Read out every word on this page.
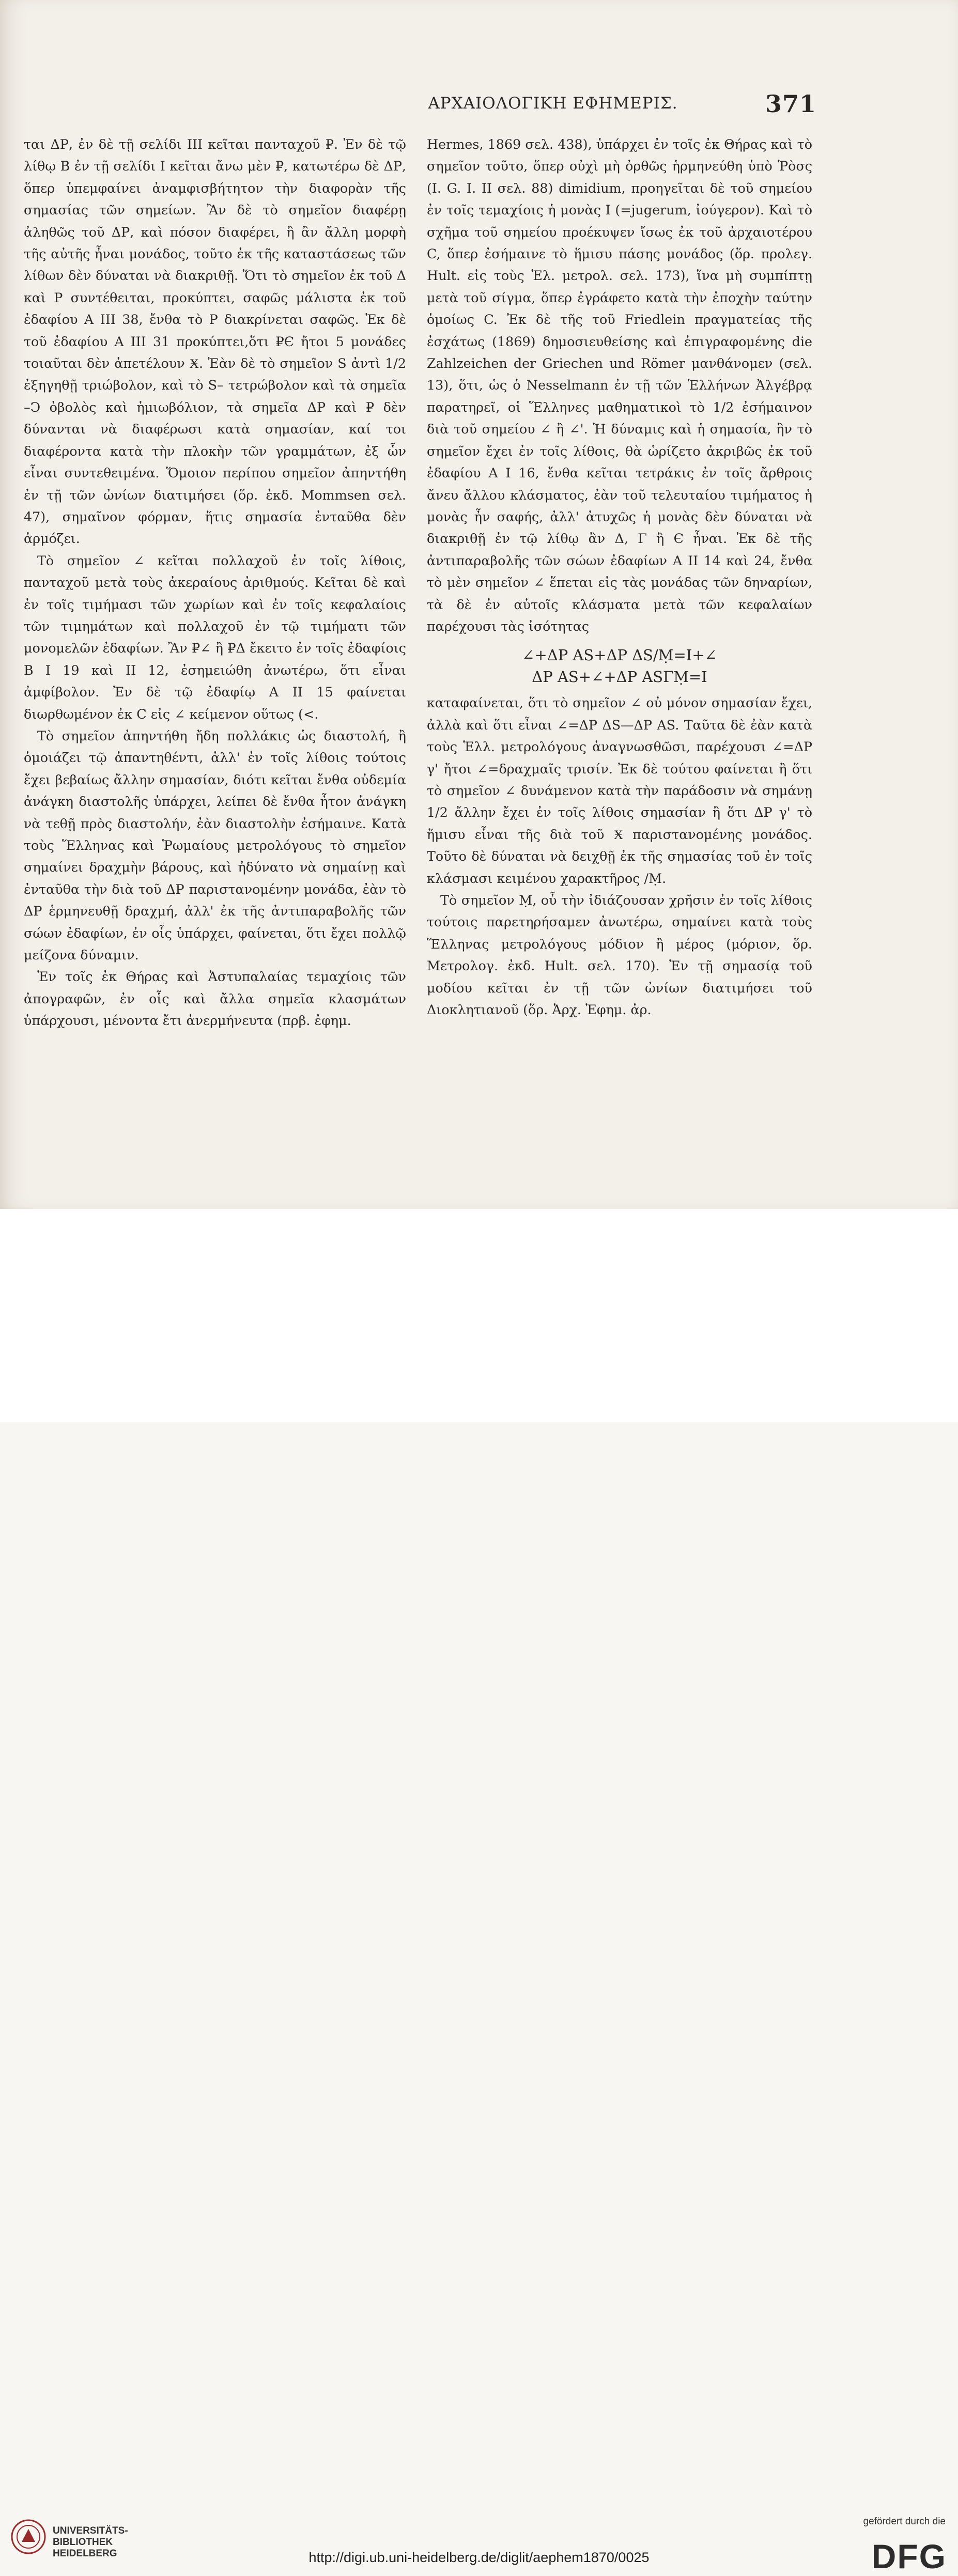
ΑΡΧΑΙΟΛΟΓΙΚΗ ΕΦΗΜΕΡΙΣ.	371

ται ΔΡ, ἐν δὲ τῇ σελίδι III κεῖται πανταχοῦ ₽. Ἐν δὲ τῷ λίθῳ B ἐν τῇ σελίδι I κεῖται ἄνω μὲν ₽, κατωτέρω δὲ ΔΡ, ὅπερ ὑπεμφαίνει ἀναμφισβήτητον τὴν διαφορὰν τῆς σημασίας τῶν σημείων. Ἂν δὲ τὸ σημεῖον διαφέρῃ ἀληθῶς τοῦ ΔΡ, καὶ πόσον διαφέρει, ἢ ἂν ἄλλη μορφὴ τῆς αὐτῆς ἦναι μονάδος, τοῦτο ἐκ τῆς καταστάσεως τῶν λίθων δὲν δύναται νὰ διακριθῇ. Ὅτι τὸ σημεῖον ἐκ τοῦ Δ καὶ Ρ συντέθειται, προκύπτει, σαφῶς μάλιστα ἐκ τοῦ ἐδαφίου A III 38, ἔνθα τὸ Ρ διακρίνεται σαφῶς. Ἐκ δὲ τοῦ ἐδαφίου A III 31 προκύπτει,ὅτι ₽Є ἤτοι 5 μονάδες τοιαῦται δὲν ἀπετέλουν Ӿ. Ἐὰν δὲ τὸ σημεῖον S ἀντὶ 1/2 ἐξηγηθῇ τριώβολον, καὶ τὸ S– τετρώβολον καὶ τὰ σημεῖα –Ͻ ὀβολὸς καὶ ἡμιωβόλιον, τὰ σημεῖα ΔΡ καὶ ₽ δὲν δύνανται νὰ διαφέρωσι κατὰ σημασίαν, καί τοι διαφέροντα κατὰ τὴν πλοκὴν τῶν γραμμάτων, ἐξ ὧν εἶναι συντεθειμένα. Ὅμοιον περίπου σημεῖον ἀπηντήθη ἐν τῇ τῶν ὠνίων διατιμήσει (ὅρ. ἐκδ. Mommsen σελ. 47), σημαῖνον φόρμαν, ἥτις σημασία ἐνταῦθα δὲν ἁρμόζει.

Τὸ σημεῖον ∠ κεῖται πολλαχοῦ ἐν τοῖς λίθοις, πανταχοῦ μετὰ τοὺς ἀκεραίους ἀριθμούς. Κεῖται δὲ καὶ ἐν τοῖς τιμήμασι τῶν χωρίων καὶ ἐν τοῖς κεφαλαίοις τῶν τιμημάτων καὶ πολλαχοῦ ἐν τῷ τιμήματι τῶν μονομελῶν ἐδαφίων. Ἂν ₽∠ ἢ ₽Δ ἔκειτο ἐν τοῖς ἐδαφίοις B I 19 καὶ II 12, ἐσημειώθη ἀνωτέρω, ὅτι εἶναι ἀμφίβολον. Ἐν δὲ τῷ ἐδαφίῳ A II 15 φαίνεται διωρθωμένον ἐκ C εἰς ∠ κείμενον οὕτως (<.

Τὸ σημεῖον ἀπηντήθη ἤδη πολλάκις ὡς διαστολή, ἢ ὁμοιάζει τῷ ἀπαντηθέντι, ἀλλ' ἐν τοῖς λίθοις τούτοις ἔχει βεβαίως ἄλλην σημασίαν, διότι κεῖται ἔνθα οὐδεμία ἀνάγκη διαστολῆς ὑπάρχει, λείπει δὲ ἔνθα ἦτον ἀνάγκη νὰ τεθῇ πρὸς διαστολήν, ἐὰν διαστολὴν ἐσήμαινε. Κατὰ τοὺς Ἕλληνας καὶ Ῥωμαίους μετρολόγους τὸ σημεῖον σημαίνει δραχμὴν βάρους, καὶ ἠδύνατο νὰ σημαίνῃ καὶ ἐνταῦθα τὴν διὰ τοῦ ΔΡ παριστανομένην μονάδα, ἐὰν τὸ ΔΡ ἑρμηνευθῇ δραχμή, ἀλλ' ἐκ τῆς ἀντιπαραβολῆς τῶν σώων ἐδαφίων, ἐν οἷς ὑπάρχει, φαίνεται, ὅτι ἔχει πολλῷ μείζονα δύναμιν.

Ἐν τοῖς ἐκ Θήρας καὶ Ἀστυπαλαίας τεμαχίοις τῶν ἀπογραφῶν, ἐν οἷς καὶ ἄλλα σημεῖα κλασμάτων ὑπάρχουσι, μένοντα ἔτι ἀνερμήνευτα (πρβ. ἐφημ.

Hermes, 1869 σελ. 438), ὑπάρχει ἐν τοῖς ἐκ Θήρας καὶ τὸ σημεῖον τοῦτο, ὅπερ οὐχὶ μὴ ὀρθῶς ἡρμηνεύθη ὑπὸ Ῥὸσς (I. G. I. II σελ. 88) dimidium, προηγεῖται δὲ τοῦ σημείου ἐν τοῖς τεμαχίοις ἡ μονὰς I (=jugerum, ἰούγερον). Καὶ τὸ σχῆμα τοῦ σημείου προέκυψεν ἴσως ἐκ τοῦ ἀρχαιοτέρου C, ὅπερ ἐσήμαινε τὸ ἥμισυ πάσης μονάδος (ὅρ. προλεγ. Hult. εἰς τοὺς Ἑλ. μετρολ. σελ. 173), ἵνα μὴ συμπίπτῃ μετὰ τοῦ σίγμα, ὅπερ ἐγράφετο κατὰ τὴν ἐποχὴν ταύτην ὁμοίως C. Ἐκ δὲ τῆς τοῦ Friedlein πραγματείας τῆς ἐσχάτως (1869) δημοσιευθείσης καὶ ἐπιγραφομένης die Zahlzeichen der Griechen und Römer μανθάνομεν (σελ. 13), ὅτι, ὡς ὁ Nesselmann ἐν τῇ τῶν Ἑλλήνων Ἀλγέβρᾳ παρατηρεῖ, οἱ Ἕλληνες μαθηματικοὶ τὸ 1/2 ἐσήμαινον διὰ τοῦ σημείου ∠ ἢ ∠'. Ἡ δύναμις καὶ ἡ σημασία, ἣν τὸ σημεῖον ἔχει ἐν τοῖς λίθοις, θὰ ὡρίζετο ἀκριβῶς ἐκ τοῦ ἐδαφίου A I 16, ἔνθα κεῖται τετράκις ἐν τοῖς ἄρθροις ἄνευ ἄλλου κλάσματος, ἐὰν τοῦ τελευταίου τιμήματος ἡ μονὰς ἦν σαφής, ἀλλ' ἀτυχῶς ἡ μονὰς δὲν δύναται νὰ διακριθῇ ἐν τῷ λίθῳ ἂν Δ, Γ ἢ Є ἦναι. Ἐκ δὲ τῆς ἀντιπαραβολῆς τῶν σώων ἐδαφίων A II 14 καὶ 24, ἔνθα τὸ μὲν σημεῖον ∠ ἕπεται εἰς τὰς μονάδας τῶν δηναρίων, τὰ δὲ ἐν αὐτοῖς κλάσματα μετὰ τῶν κεφαλαίων παρέχουσι τὰς ἰσότητας

∠+ΔΡ AS+ΔΡ ΔS/Ṃ=I+∠
ΔΡ AS+∠+ΔΡ ASΓṂ=I

καταφαίνεται, ὅτι τὸ σημεῖον ∠ οὐ μόνον σημασίαν ἔχει, ἀλλὰ καὶ ὅτι εἶναι ∠=ΔΡ ΔS—ΔΡ AS. Ταῦτα δὲ ἐὰν κατὰ τοὺς Ἑλλ. μετρολόγους ἀναγνωσθῶσι, παρέχουσι ∠=ΔΡ γ' ἤτοι ∠=δραχμαῖς τρισίν. Ἐκ δὲ τούτου φαίνεται ἢ ὅτι τὸ σημεῖον ∠ δυνάμενον κατὰ τὴν παράδοσιν νὰ σημάνῃ 1/2 ἄλλην ἔχει ἐν τοῖς λίθοις σημασίαν ἢ ὅτι ΔΡ γ' τὸ ἥμισυ εἶναι τῆς διὰ τοῦ Ӿ παριστανομένης μονάδος. Τοῦτο δὲ δύναται νὰ δειχθῇ ἐκ τῆς σημασίας τοῦ ἐν τοῖς κλάσμασι κειμένου χαρακτῆρος /Ṃ.

Τὸ σημεῖον Ṃ, οὗ τὴν ἰδιάζουσαν χρῆσιν ἐν τοῖς λίθοις τούτοις παρετηρήσαμεν ἀνωτέρω, σημαίνει κατὰ τοὺς Ἕλληνας μετρολόγους μόδιον ἢ μέρος (μόριον, ὅρ. Μετρολογ. ἐκδ. Hult. σελ. 170). Ἐν τῇ σημασίᾳ τοῦ μοδίου κεῖται ἐν τῇ τῶν ὠνίων διατιμήσει τοῦ Διοκλητιανοῦ (ὅρ. Ἀρχ. Ἐφημ. ἀρ.

UNIVERSITÄTS-
BIBLIOTHEK
HEIDELBERG	http://digi.ub.uni-heidelberg.de/diglit/aephem1870/0025
gefördert durch die
DFG
